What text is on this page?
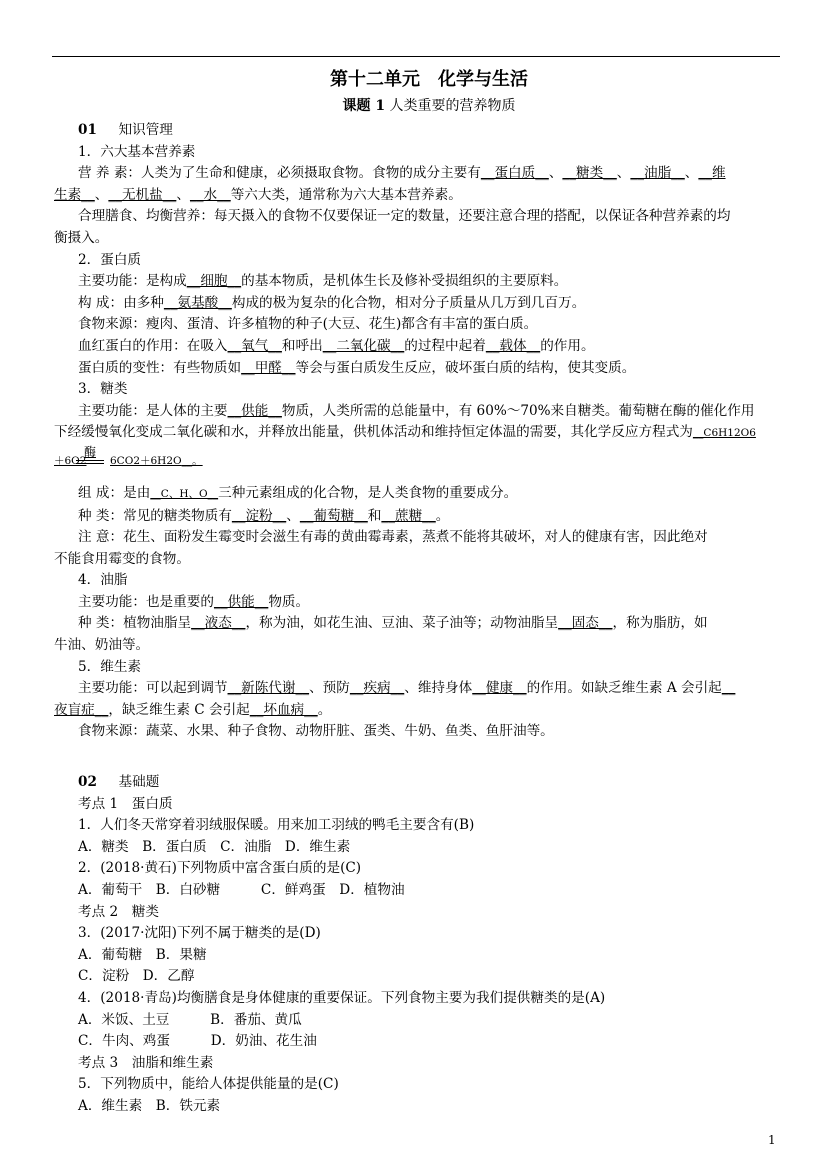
第十二单元　化学与生活
课题 1 人类重要的营养物质
01 知识管理
1．六大基本营养素
营 养 素：人类为了生命和健康，必须摄取食物。食物的成分主要有__蛋白质__、__糖类__、__油脂__、__维
生素__、__无机盐__、__水__等六大类，通常称为六大基本营养素。
合理膳食、均衡营养：每天摄入的食物不仅要保证一定的数量，还要注意合理的搭配，以保证各种营养素的均
衡摄入。
2．蛋白质
主要功能：是构成__细胞__的基本物质，是机体生长及修补受损组织的主要原料。
构 成：由多种__氨基酸__构成的极为复杂的化合物，相对分子质量从几万到几百万。
食物来源：瘦肉、蛋清、许多植物的种子(大豆、花生)都含有丰富的蛋白质。
血红蛋白的作用：在吸入__氧气__和呼出__二氧化碳__的过程中起着__载体__的作用。
蛋白质的变性：有些物质如__甲醛__等会与蛋白质发生反应，破坏蛋白质的结构，使其变质。
3．糖类
主要功能：是人体的主要__供能__物质，人类所需的总能量中，有 60%～70%来自糖类。葡萄糖在酶的催化作用
下经缓慢氧化变成二氧化碳和水，并释放出能量，供机体活动和维持恒定体温的需要，其化学反应方程式为__C6H12O6
＋6O2
酶
6CO2＋6H2O__。
组 成：是由__C、H、O__三种元素组成的化合物，是人类食物的重要成分。
种 类：常见的糖类物质有__淀粉__、__葡萄糖__和__蔗糖__。
注 意：花生、面粉发生霉变时会滋生有毒的黄曲霉毒素，蒸煮不能将其破坏，对人的健康有害，因此绝对
不能食用霉变的食物。
4．油脂
主要功能：也是重要的__供能__物质。
种 类：植物油脂呈__液态__，称为油，如花生油、豆油、菜子油等；动物油脂呈__固态__，称为脂肪，如
牛油、奶油等。
5．维生素
主要功能：可以起到调节__新陈代谢__、预防__疾病__、维持身体__健康__的作用。如缺乏维生素 A 会引起__
夜盲症__，缺乏维生素 C 会引起__坏血病__。
食物来源：蔬菜、水果、种子食物、动物肝脏、蛋类、牛奶、鱼类、鱼肝油等。
02 基础题
考点 1　蛋白质
1．人们冬天常穿着羽绒服保暖。用来加工羽绒的鸭毛主要含有(B)
A．糖类　B．蛋白质　C．油脂　D．维生素
2．(2018·黄石)下列物质中富含蛋白质的是(C)
A．葡萄干　B．白砂糖　　　C．鲜鸡蛋　D．植物油
考点 2　糖类
3．(2017·沈阳)下列不属于糖类的是(D)
A．葡萄糖　B．果糖
C．淀粉　D．乙醇
4．(2018·青岛)均衡膳食是身体健康的重要保证。下列食物主要为我们提供糖类的是(A)
A．米饭、土豆　　　B．番茄、黄瓜
C．牛肉、鸡蛋　　　D．奶油、花生油
考点 3　油脂和维生素
5．下列物质中，能给人体提供能量的是(C)
A．维生素　B．铁元素
1
